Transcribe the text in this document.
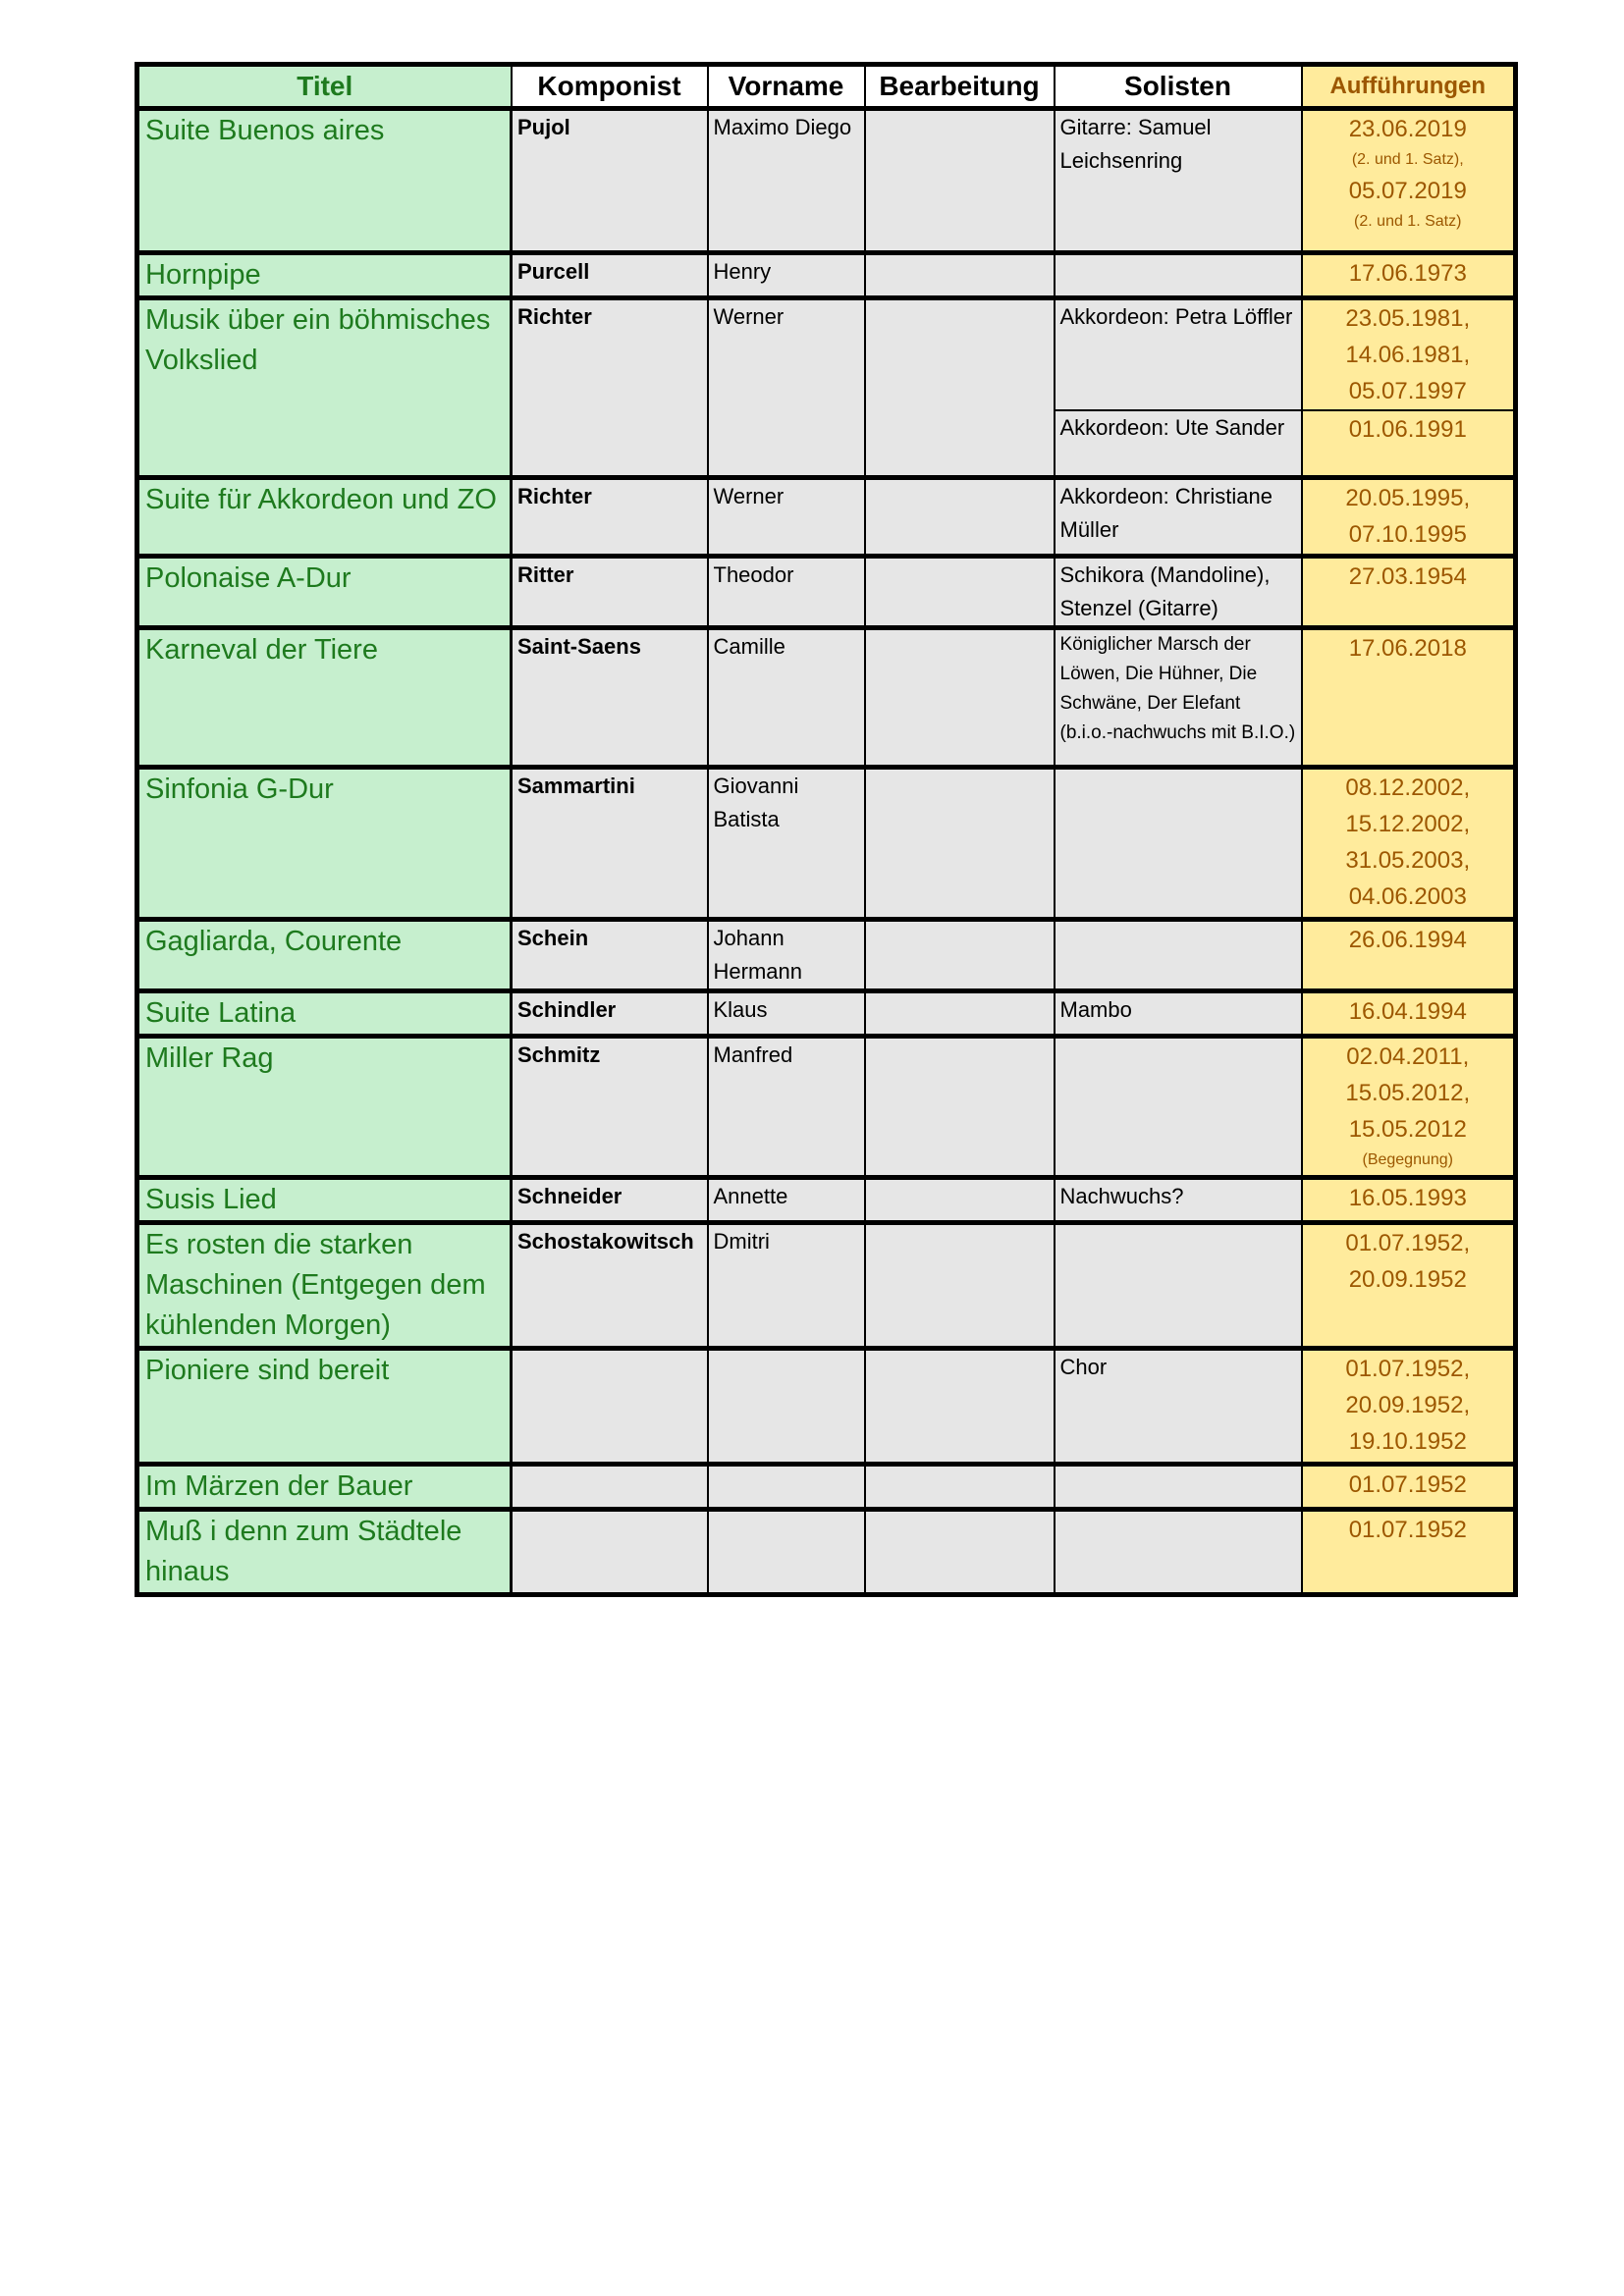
Titel	Komponist	Vorname	Bearbeitung	Solisten	Aufführungen
Suite Buenos aires	Pujol	Maximo Diego		Gitarre: Samuel Leichsenring	23.06.2019
(2. und 1. Satz),
05.07.2019
(2. und 1. Satz)

Hornpipe	Purcell	Henry			17.06.1973

Musik über ein böhmisches Volkslied	Richter	Werner		Akkordeon: Petra Löffler	23.05.1981,
14.06.1981,
05.07.1997

				Akkordeon: Ute Sander	01.06.1991

Suite für Akkordeon und ZO	Richter	Werner		Akkordeon: Christiane Müller	20.05.1995,
07.10.1995

Polonaise A-Dur	Ritter	Theodor		Schikora (Mandoline), Stenzel (Gitarre)	27.03.1954

Karneval der Tiere	Saint-Saens	Camille		Königlicher Marsch der Löwen, Die Hühner, Die Schwäne, Der Elefant (b.i.o.-nachwuchs mit B.I.O.)	17.06.2018

Sinfonia G-Dur	Sammartini	Giovanni Batista			08.12.2002,
15.12.2002,
31.05.2003,
04.06.2003

Gagliarda, Courente	Schein	Johann Hermann			26.06.1994

Suite Latina	Schindler	Klaus		Mambo	16.04.1994

Miller Rag	Schmitz	Manfred			02.04.2011,
15.05.2012,
15.05.2012
(Begegnung)

Susis Lied	Schneider	Annette		Nachwuchs?	16.05.1993

Es rosten die starken Maschinen (Entgegen dem kühlenden Morgen)	Schostakowitsch	Dmitri			01.07.1952,
20.09.1952

Pioniere sind bereit				Chor	01.07.1952,
20.09.1952,
19.10.1952

Im Märzen der Bauer					01.07.1952

Muß i denn zum Städtele hinaus					01.07.1952
